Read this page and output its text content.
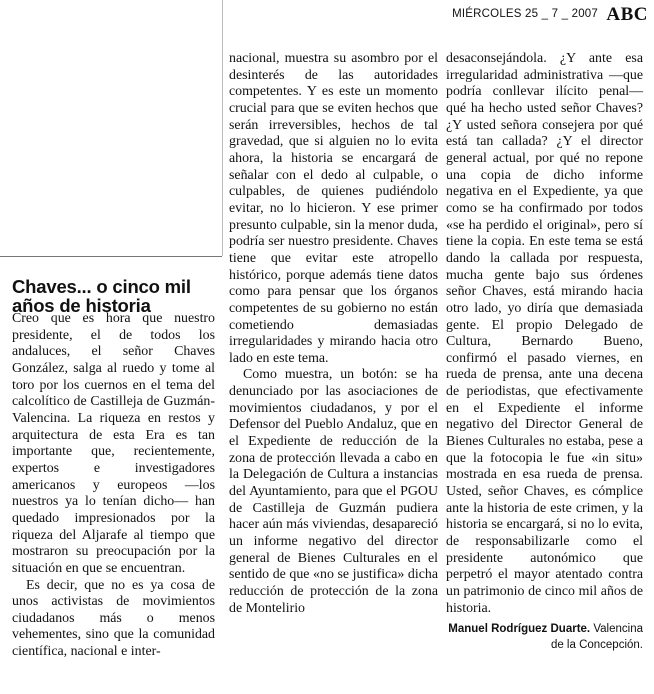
MIÉRCOLES 25 _ 7 _ 2007 ABC
Chaves... o cinco mil años de historia

Creo que es hora que nuestro presidente, el de todos los andaluces, el señor Chaves González, salga al ruedo y tome al toro por los cuernos en el tema del calcolítico de Castilleja de Guzmán-Valencina. La riqueza en restos y arquitectura de esta Era es tan importante que, recientemente, expertos e investigadores americanos y europeos —los nuestros ya lo tenían dicho— han quedado impresionados por la riqueza del Aljarafe al tiempo que mostraron su preocupación por la situación en que se encuentran.

Es decir, que no es ya cosa de unos activistas de movimientos ciudadanos más o menos vehementes, sino que la comunidad científica, nacional e inter-

nacional, muestra su asombro por el desinterés de las autoridades competentes. Y es este un momento crucial para que se eviten hechos que serán irreversibles, hechos de tal gravedad, que si alguien no lo evita ahora, la historia se encargará de señalar con el dedo al culpable, o culpables, de quienes pudiéndolo evitar, no lo hicieron. Y ese primer presunto culpable, sin la menor duda, podría ser nuestro presidente. Chaves tiene que evitar este atropello histórico, porque además tiene datos como para pensar que los órganos competentes de su gobierno no están cometiendo demasiadas irregularidades y mirando hacia otro lado en este tema.

Como muestra, un botón: se ha denunciado por las asociaciones de movimientos ciudadanos, y por el Defensor del Pueblo Andaluz, que en el Expediente de reducción de la zona de protección llevada a cabo en la Delegación de Cultura a instancias del Ayuntamiento, para que el PGOU de Castilleja de Guzmán pudiera hacer aún más viviendas, desapareció un informe negativo del director general de Bienes Culturales en el sentido de que «no se justifica» dicha reducción de protección de la zona de Montelirio

desaconsejándola. ¿Y ante esa irregularidad administrativa —que podría conllevar ilícito penal— qué ha hecho usted señor Chaves? ¿Y usted señora consejera por qué está tan callada? ¿Y el director general actual, por qué no repone una copia de dicho informe negativa en el Expediente, ya que como se ha confirmado por todos «se ha perdido el original», pero sí tiene la copia. En este tema se está dando la callada por respuesta, mucha gente bajo sus órdenes señor Chaves, está mirando hacia otro lado, yo diría que demasiada gente. El propio Delegado de Cultura, Bernardo Bueno, confirmó el pasado viernes, en rueda de prensa, ante una decena de periodistas, que efectivamente en el Expediente el informe negativo del Director General de Bienes Culturales no estaba, pese a que la fotocopia le fue «in situ» mostrada en esa rueda de prensa. Usted, señor Chaves, es cómplice ante la historia de este crimen, y la historia se encargará, si no lo evita, de responsabilizarle como el presidente autonómico que perpetró el mayor atentado contra un patrimonio de cinco mil años de historia.

Manuel Rodríguez Duarte. Valencina
de la Concepción.
